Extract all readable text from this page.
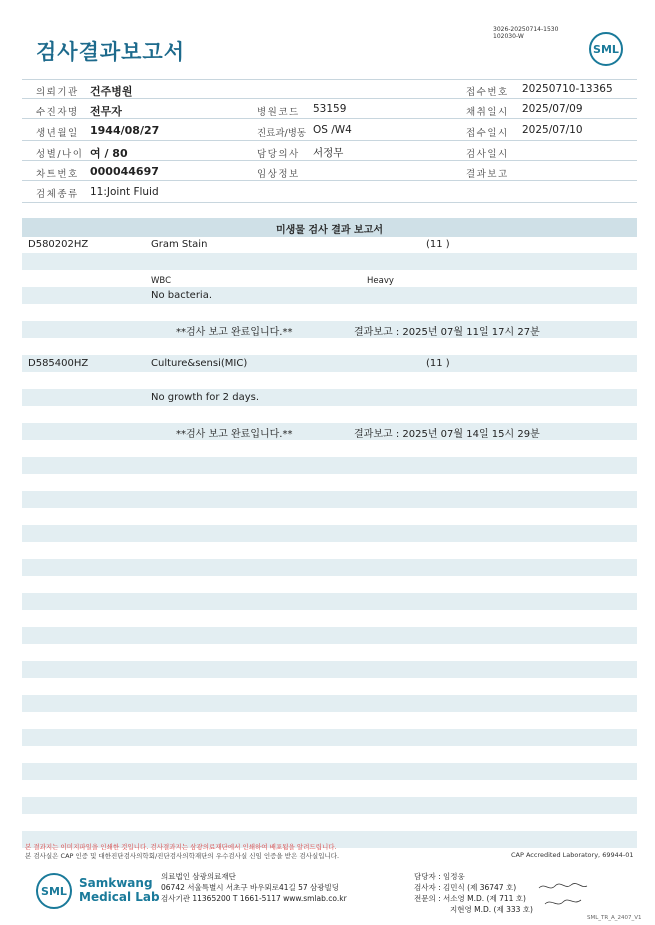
검사결과보고서
3026-20250714-1530
102030-W
SML
의뢰기관 건주병원	접수번호 20250710-13365
수진자명 전무자	병원코드 53159	채취일시 2025/07/09
생년월일 1944/08/27	진료과/병동 OS /W4	접수일시 2025/07/10
성별/나이 여 / 80	담당의사 서정무	검사일시
차트번호 000044697	임상정보	결과보고
검체종류 11:Joint Fluid
미생물 검사 결과 보고서
D580202HZ	Gram Stain	(11 )
WBC	Heavy
No bacteria.
**검사 보고 완료입니다.**	결과보고 : 2025년 07월 11일 17시 27분
D585400HZ	Culture&sensi(MIC)	(11 )
No growth for 2 days.
**검사 보고 완료입니다.**	결과보고 : 2025년 07월 14일 15시 29분
본 결과지는 이미지파일을 인쇄한 것입니다. 검사결과지는 삼광의료재단에서 인쇄하여 배포됨을 알려드립니다.
본 검사실은 CAP 인증 및 대한진단검사의학회/진단검사의학재단의 우수검사실 신임 인증을 받은 검사실입니다.	CAP Accredited Laboratory, 69944-01
SML
Samkwang
Medical Lab
의료법인 삼광의료재단
06742 서울특별시 서초구 바우뫼로41길 57 삼광빌딩
검사기관 11365200 T 1661-5117 www.smlab.co.kr
담당자 : 임정웅
검사자 : 김민식 (제 36747 호)
전문의 : 서소영 M.D. (제 711 호)
지현영 M.D. (제 333 호)
SML_TR_A_2407_V1
